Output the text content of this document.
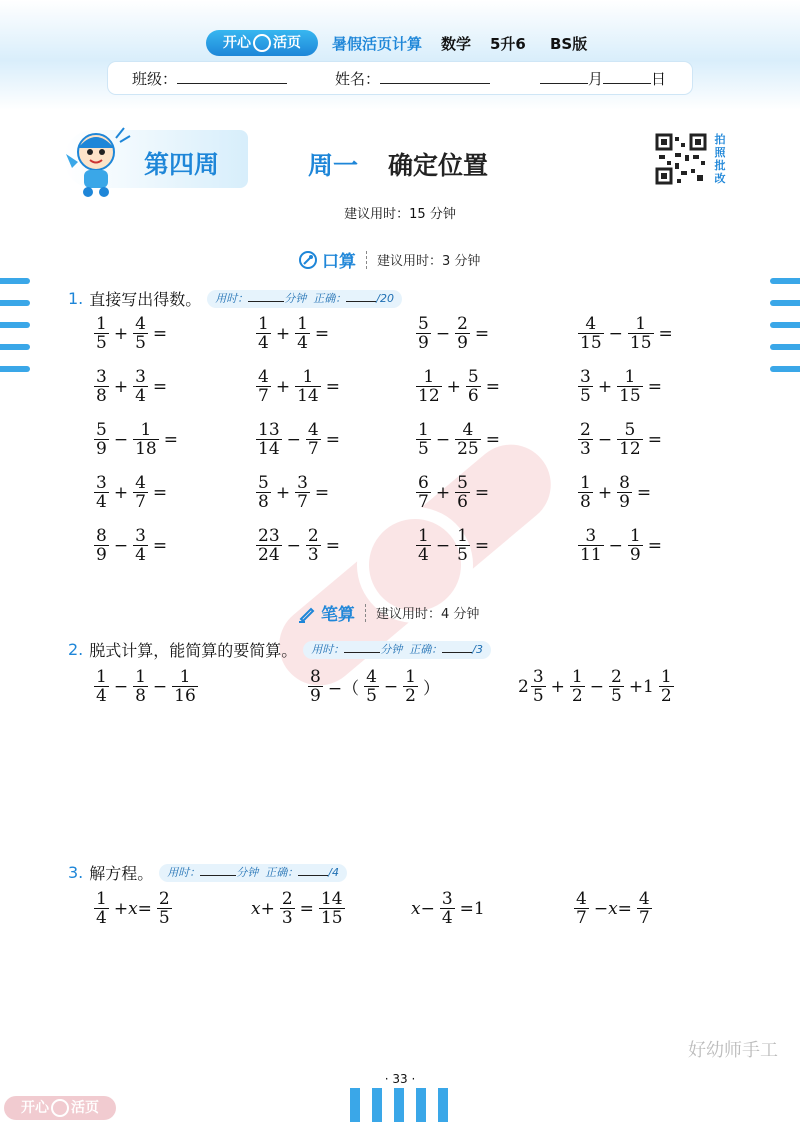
开心 活页	暑假活页计算 数学 5升6 BS版
班级：	姓名：	月	日
第四周	周一 确定位置
拍
照
批
改
建议用时：15 分钟
口算 建议用时：3 分钟
1. 直接写出得数。	用时：	分钟 正确：	/20
$\frac{1}{5} + \frac{4}{5}$ =	$\frac{1}{4} + \frac{1}{4}$ =	$\frac{5}{9} - \frac{2}{9}$ =	$\frac{4}{15} - \frac{1}{15}$ =
$\frac{3}{8} + \frac{3}{4}$ =	$\frac{4}{7} + \frac{1}{14}$ =	$\frac{1}{12} + \frac{5}{6}$ =	$\frac{3}{5} + \frac{1}{15}$ =
$\frac{5}{9} - \frac{1}{18}$ =	$\frac{13}{14} - \frac{4}{7}$ =	$\frac{1}{5} - \frac{4}{25}$ =	$\frac{2}{3} - \frac{5}{12}$ =
$\frac{3}{4} + \frac{4}{7}$ =	$\frac{5}{8} + \frac{3}{7}$ =	$\frac{6}{7} + \frac{5}{6}$ =	$\frac{1}{8} + \frac{8}{9}$ =
$\frac{8}{9} - \frac{3}{4}$ =	$\frac{23}{24} - \frac{2}{3}$ =	$\frac{1}{4} - \frac{1}{5}$ =	$\frac{3}{11} - \frac{1}{9}$ =
笔算 建议用时：4 分钟
2. 脱式计算，能简算的要简算。	用时：	分钟 正确：	/3
$\frac{1}{4} - \frac{1}{8} - \frac{1}{16}$	$\frac{8}{9}$ −（ $\frac{4}{5} - \frac{1}{2}$ ）	$2 \frac{3}{5} + \frac{1}{2} - \frac{2}{5} +1 \frac{1}{2}$
3. 解方程。	用时：	分钟 正确：	/4
$\frac{1}{4} +x= \frac{2}{5}$	$x+ \frac{2}{3} = \frac{14}{15}$	$x- \frac{3}{4} =1$	$\frac{4}{7} -x= \frac{4}{7}$
好幼师手工
· 33 ·
开心 活页
